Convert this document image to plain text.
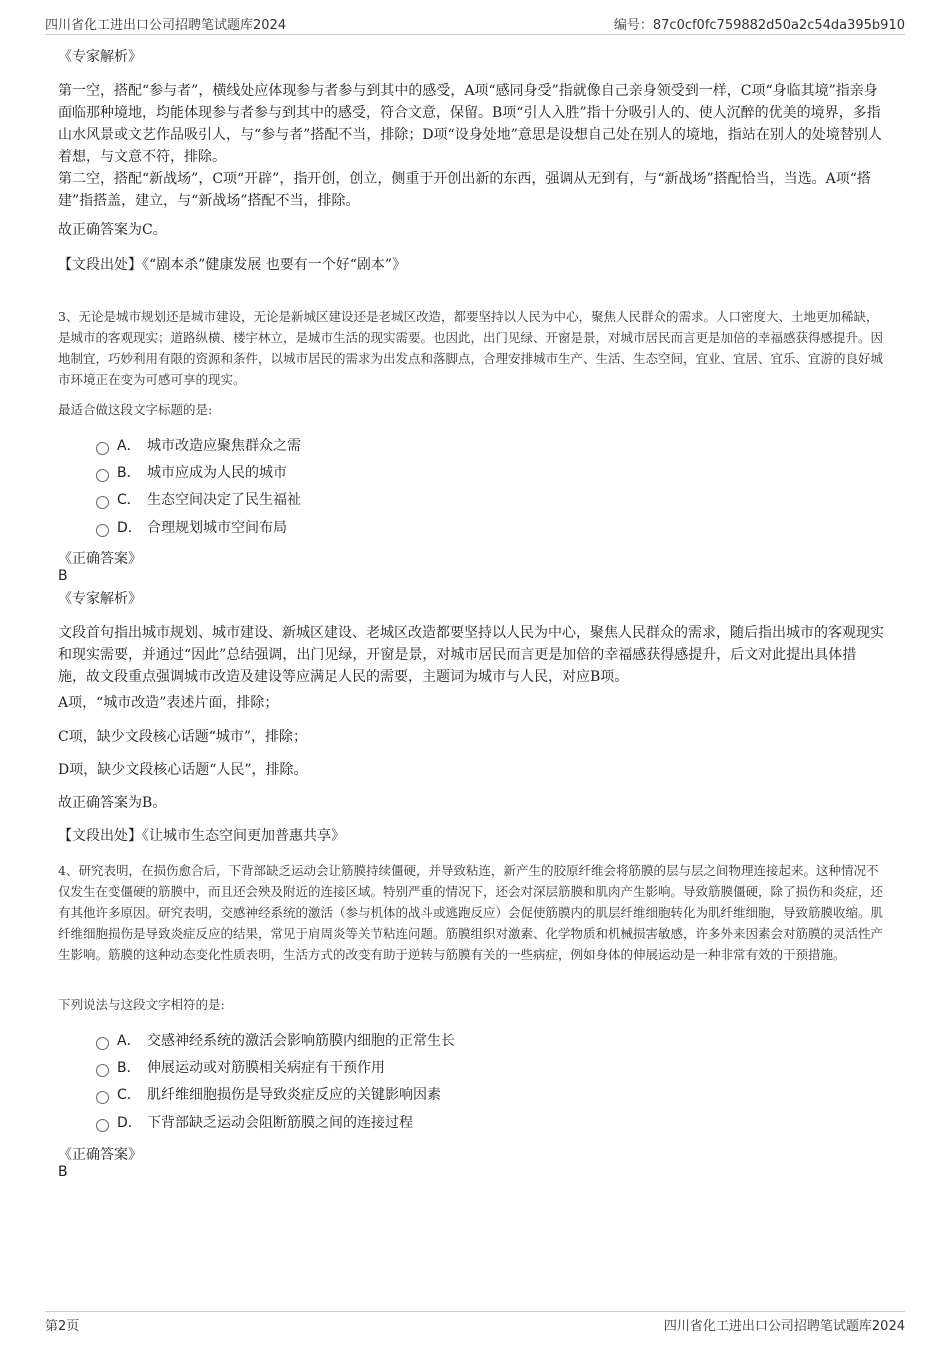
四川省化工进出口公司招聘笔试题库2024	编号：87c0cf0fc759882d50a2c54da395b910
《专家解析》
第一空，搭配“参与者”，横线处应体现参与者参与到其中的感受，A项“感同身受”指就像自己亲身领受到一样，C项“身临其境”指亲身面临那种境地，均能体现参与者参与到其中的感受，符合文意，保留。B项“引人入胜”指十分吸引人的、使人沉醉的优美的境界，多指山水风景或文艺作品吸引人，与“参与者”搭配不当，排除；D项“设身处地”意思是设想自己处在别人的境地，指站在别人的处境替别人着想，与文意不符，排除。
第二空，搭配“新战场”，C项“开辟”，指开创，创立，侧重于开创出新的东西，强调从无到有，与“新战场”搭配恰当，当选。A项“搭建”指搭盖，建立，与“新战场”搭配不当，排除。
故正确答案为C。
【文段出处】《“剧本杀”健康发展 也要有一个好“剧本”》
3、无论是城市规划还是城市建设，无论是新城区建设还是老城区改造，都要坚持以人民为中心，聚焦人民群众的需求。人口密度大、土地更加稀缺，是城市的客观现实；道路纵横、楼宇林立，是城市生活的现实需要。也因此，出门见绿、开窗是景，对城市居民而言更是加倍的幸福感获得感提升。因地制宜，巧妙利用有限的资源和条件，以城市居民的需求为出发点和落脚点，合理安排城市生产、生活、生态空间，宜业、宜居、宜乐、宜游的良好城市环境正在变为可感可享的现实。
最适合做这段文字标题的是:
A． 城市改造应聚焦群众之需
B． 城市应成为人民的城市
C． 生态空间决定了民生福祉
D． 合理规划城市空间布局
《正确答案》
B
《专家解析》
文段首句指出城市规划、城市建设、新城区建设、老城区改造都要坚持以人民为中心，聚焦人民群众的需求，随后指出城市的客观现实和现实需要，并通过“因此”总结强调，出门见绿，开窗是景，对城市居民而言更是加倍的幸福感获得感提升，后文对此提出具体措施，故文段重点强调城市改造及建设等应满足人民的需要，主题词为城市与人民，对应B项。
A项，“城市改造”表述片面，排除；
C项，缺少文段核心话题“城市”，排除；
D项，缺少文段核心话题“人民”，排除。
故正确答案为B。
【文段出处】《让城市生态空间更加普惠共享》
4、研究表明，在损伤愈合后，下背部缺乏运动会让筋膜持续僵硬，并导致粘连，新产生的胶原纤维会将筋膜的层与层之间物理连接起来。这种情况不仅发生在变僵硬的筋膜中，而且还会殃及附近的连接区域。特别严重的情况下，还会对深层筋膜和肌肉产生影响。导致筋膜僵硬，除了损伤和炎症，还有其他许多原因。研究表明，交感神经系统的激活（参与机体的战斗或逃跑反应）会促使筋膜内的肌层纤维细胞转化为肌纤维细胞，导致筋膜收缩。肌纤维细胞损伤是导致炎症反应的结果，常见于肩周炎等关节粘连问题。筋膜组织对激素、化学物质和机械损害敏感，许多外来因素会对筋膜的灵活性产生影响。筋膜的这种动态变化性质表明，生活方式的改变有助于逆转与筋膜有关的一些病症，例如身体的伸展运动是一种非常有效的干预措施。
下列说法与这段文字相符的是:
A． 交感神经系统的激活会影响筋膜内细胞的正常生长
B． 伸展运动或对筋膜相关病症有干预作用
C． 肌纤维细胞损伤是导致炎症反应的关键影响因素
D． 下背部缺乏运动会阻断筋膜之间的连接过程
《正确答案》
B
第2页	四川省化工进出口公司招聘笔试题库2024
